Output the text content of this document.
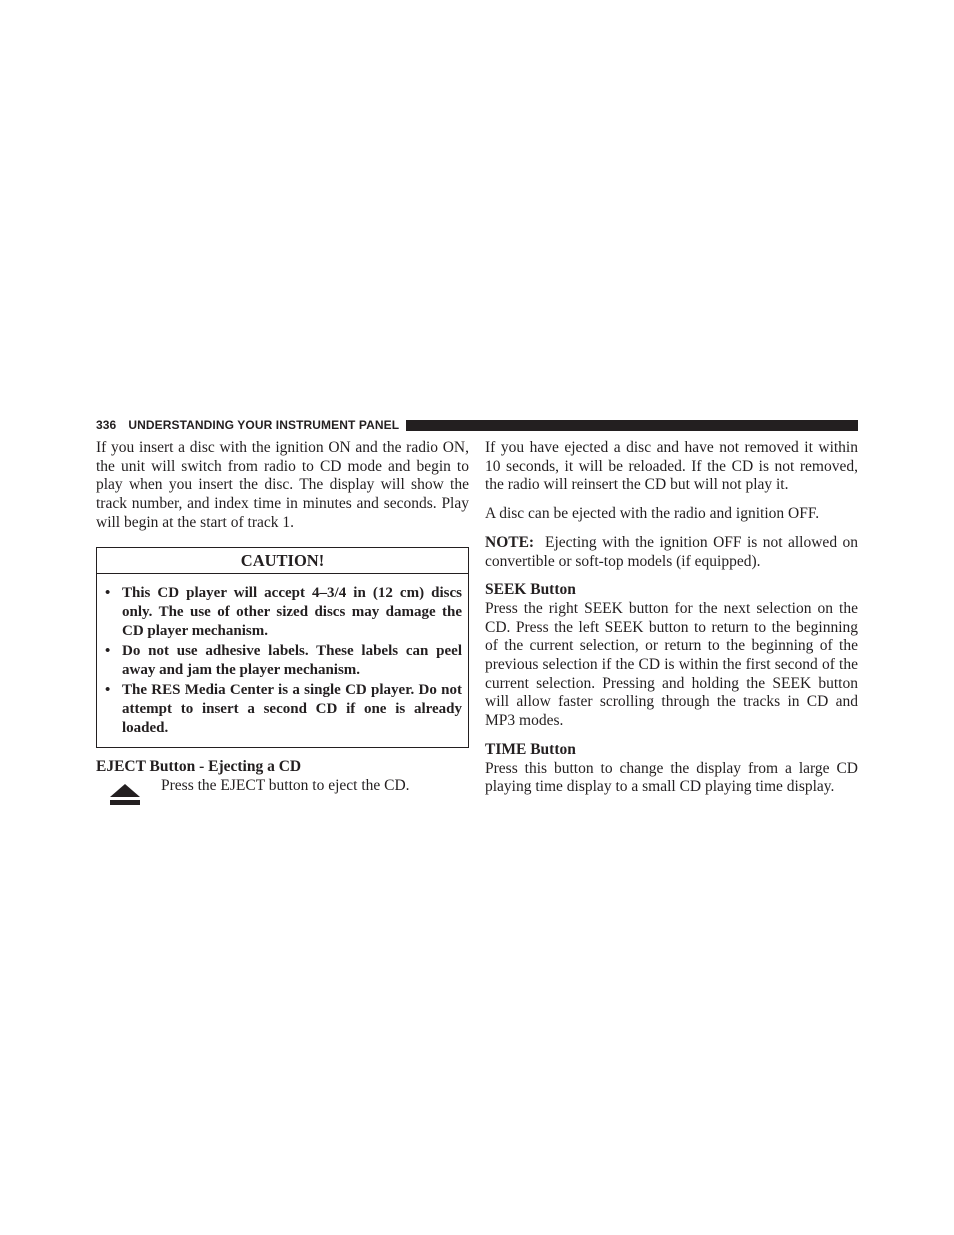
336 UNDERSTANDING YOUR INSTRUMENT PANEL

If you insert a disc with the ignition ON and the radio ON, the unit will switch from radio to CD mode and begin to play when you insert the disc. The display will show the track number, and index time in minutes and seconds. Play will begin at the start of track 1.

CAUTION!
• This CD player will accept 4–3/4 in (12 cm) discs only. The use of other sized discs may damage the CD player mechanism.
• Do not use adhesive labels. These labels can peel away and jam the player mechanism.
• The RES Media Center is a single CD player. Do not attempt to insert a second CD if one is already loaded.
EJECT Button - Ejecting a CD
Press the EJECT button to eject the CD.

If you have ejected a disc and have not removed it within 10 seconds, it will be reloaded. If the CD is not removed, the radio will reinsert the CD but will not play it.

A disc can be ejected with the radio and ignition OFF.

NOTE: Ejecting with the ignition OFF is not allowed on convertible or soft-top models (if equipped).

SEEK Button

Press the right SEEK button for the next selection on the CD. Press the left SEEK button to return to the beginning of the current selection, or return to the beginning of the previous selection if the CD is within the first second of the current selection. Pressing and holding the SEEK button will allow faster scrolling through the tracks in CD and MP3 modes.

TIME Button

Press this button to change the display from a large CD playing time display to a small CD playing time display.
